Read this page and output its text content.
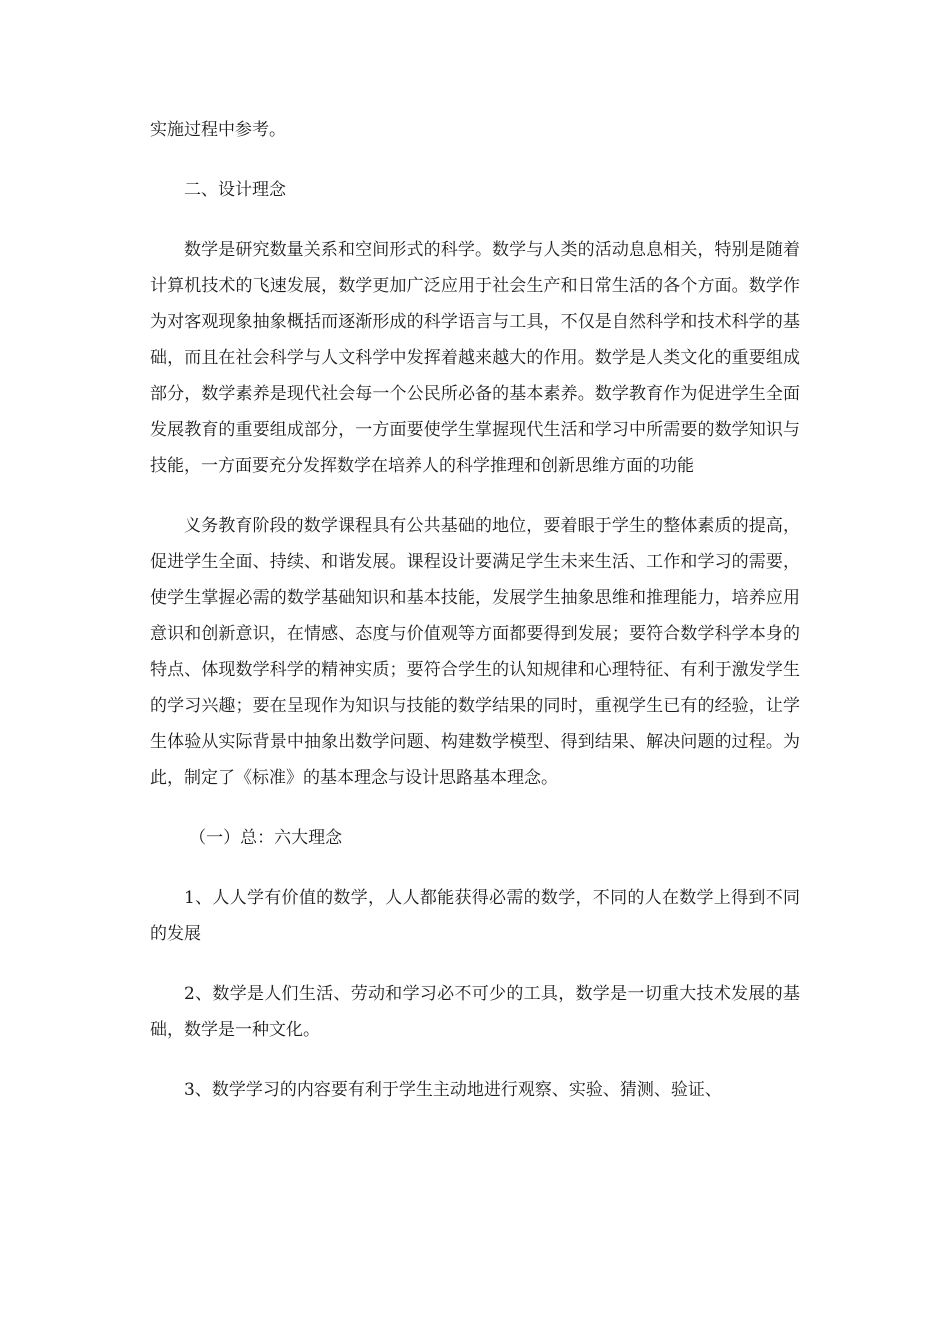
实施过程中参考。

二、设计理念

数学是研究数量关系和空间形式的科学。数学与人类的活动息息相关，特别是随着计算机技术的飞速发展，数学更加广泛应用于社会生产和日常生活的各个方面。数学作为对客观现象抽象概括而逐渐形成的科学语言与工具，不仅是自然科学和技术科学的基础，而且在社会科学与人文科学中发挥着越来越大的作用。数学是人类文化的重要组成部分，数学素养是现代社会每一个公民所必备的基本素养。数学教育作为促进学生全面发展教育的重要组成部分，一方面要使学生掌握现代生活和学习中所需要的数学知识与技能，一方面要充分发挥数学在培养人的科学推理和创新思维方面的功能

义务教育阶段的数学课程具有公共基础的地位，要着眼于学生的整体素质的提高，促进学生全面、持续、和谐发展。课程设计要满足学生未来生活、工作和学习的需要，使学生掌握必需的数学基础知识和基本技能，发展学生抽象思维和推理能力，培养应用意识和创新意识，在情感、态度与价值观等方面都要得到发展；要符合数学科学本身的特点、体现数学科学的精神实质；要符合学生的认知规律和心理特征、有利于激发学生的学习兴趣；要在呈现作为知识与技能的数学结果的同时，重视学生已有的经验，让学生体验从实际背景中抽象出数学问题、构建数学模型、得到结果、解决问题的过程。为此，制定了《标准》的基本理念与设计思路基本理念。

（一）总：六大理念

1、人人学有价值的数学，人人都能获得必需的数学，不同的人在数学上得到不同的发展

2、数学是人们生活、劳动和学习必不可少的工具，数学是一切重大技术发展的基础，数学是一种文化。

3、数学学习的内容要有利于学生主动地进行观察、实验、猜测、验证、
